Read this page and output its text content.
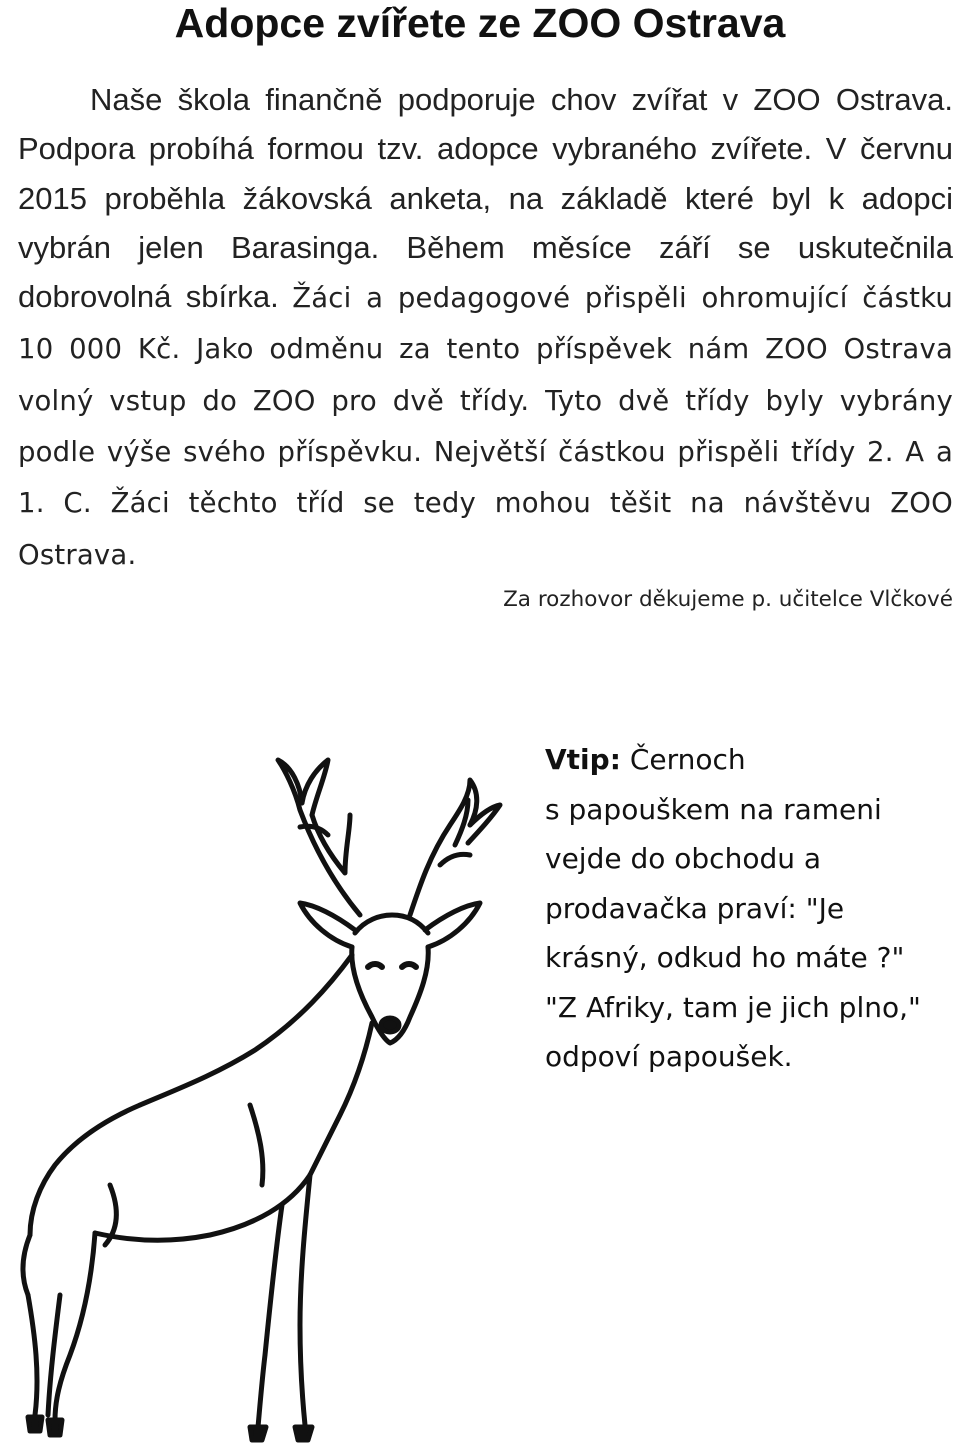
Adopce zvířete ze ZOO Ostrava

Naše škola finančně podporuje chov zvířat v ZOO Ostrava. Podpora probíhá formou tzv. adopce vybraného zvířete. V červnu 2015 proběhla žákovská anketa, na základě které byl k adopci vybrán jelen Barasinga. Během měsíce září se uskutečnila dobrovolná sbírka. Žáci a pedagogové přispěli ohromující částku 10 000 Kč. Jako odměnu za tento příspěvek nám ZOO Ostrava volný vstup do ZOO pro dvě třídy. Tyto dvě třídy byly vybrány podle výše svého příspěvku. Největší částkou přispěli třídy 2. A a 1. C. Žáci těchto tříd se tedy mohou těšit na návštěvu ZOO Ostrava.

Za rozhovor děkujeme p. učitelce Vlčkové
Vtip: Černoch
s papouškem na rameni
vejde do obchodu a
prodavačka praví: "Je
krásný, odkud ho máte ?"
"Z Afriky, tam je jich plno,"
odpoví papoušek.
